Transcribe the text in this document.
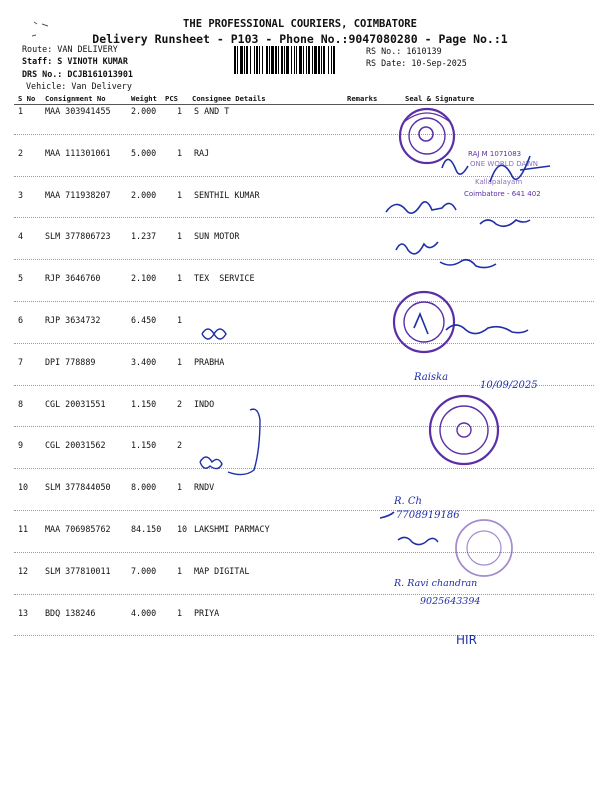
THE PROFESSIONAL COURIERS, COIMBATORE
Delivery Runsheet - P103 - Phone No.:9047080280 - Page No.:1
Route: VAN DELIVERY
Staff: S VINOTH KUMAR
DRS No.: DCJB161013901
Vehicle: Van Delivery
RS No.: 1610139
RS Date: 10-Sep-2025
S No Consignment No	Weight PCS Consignee Details	Remarks	Seal & Signature
1	MAA 303941455 2.000 1 S AND T
2	MAA 111301061 5.000 1 RAJ
3	MAA 711938207 2.000 1 SENTHIL KUMAR
4	SLM 377806723 1.237 1 SUN MOTOR
5	RJP 3646760	2.100 1 TEX  SERVICE
6	RJP 3634732	6.450 1
7	DPI 778889	3.400 1 PRABHA
8	CGL 20031551	1.150 2 INDO
9	CGL 20031562	1.150 2
10 SLM 377844050 8.000 1 RNDV
11 MAA 706985762 84.150 10 LAKSHMI PARMACY
12 SLM 377810011 7.000 1 MAP DIGITAL
13 BDQ 138246	4.000 1 PRIYA
RAJ M 1071083
ONE WORLD DAWN
Kallapalayam
Coimbatore - 641 402
Raiska
10/09/2025
R. Ch
7708919186
R. Ravi chandran
9025643394
HIR
